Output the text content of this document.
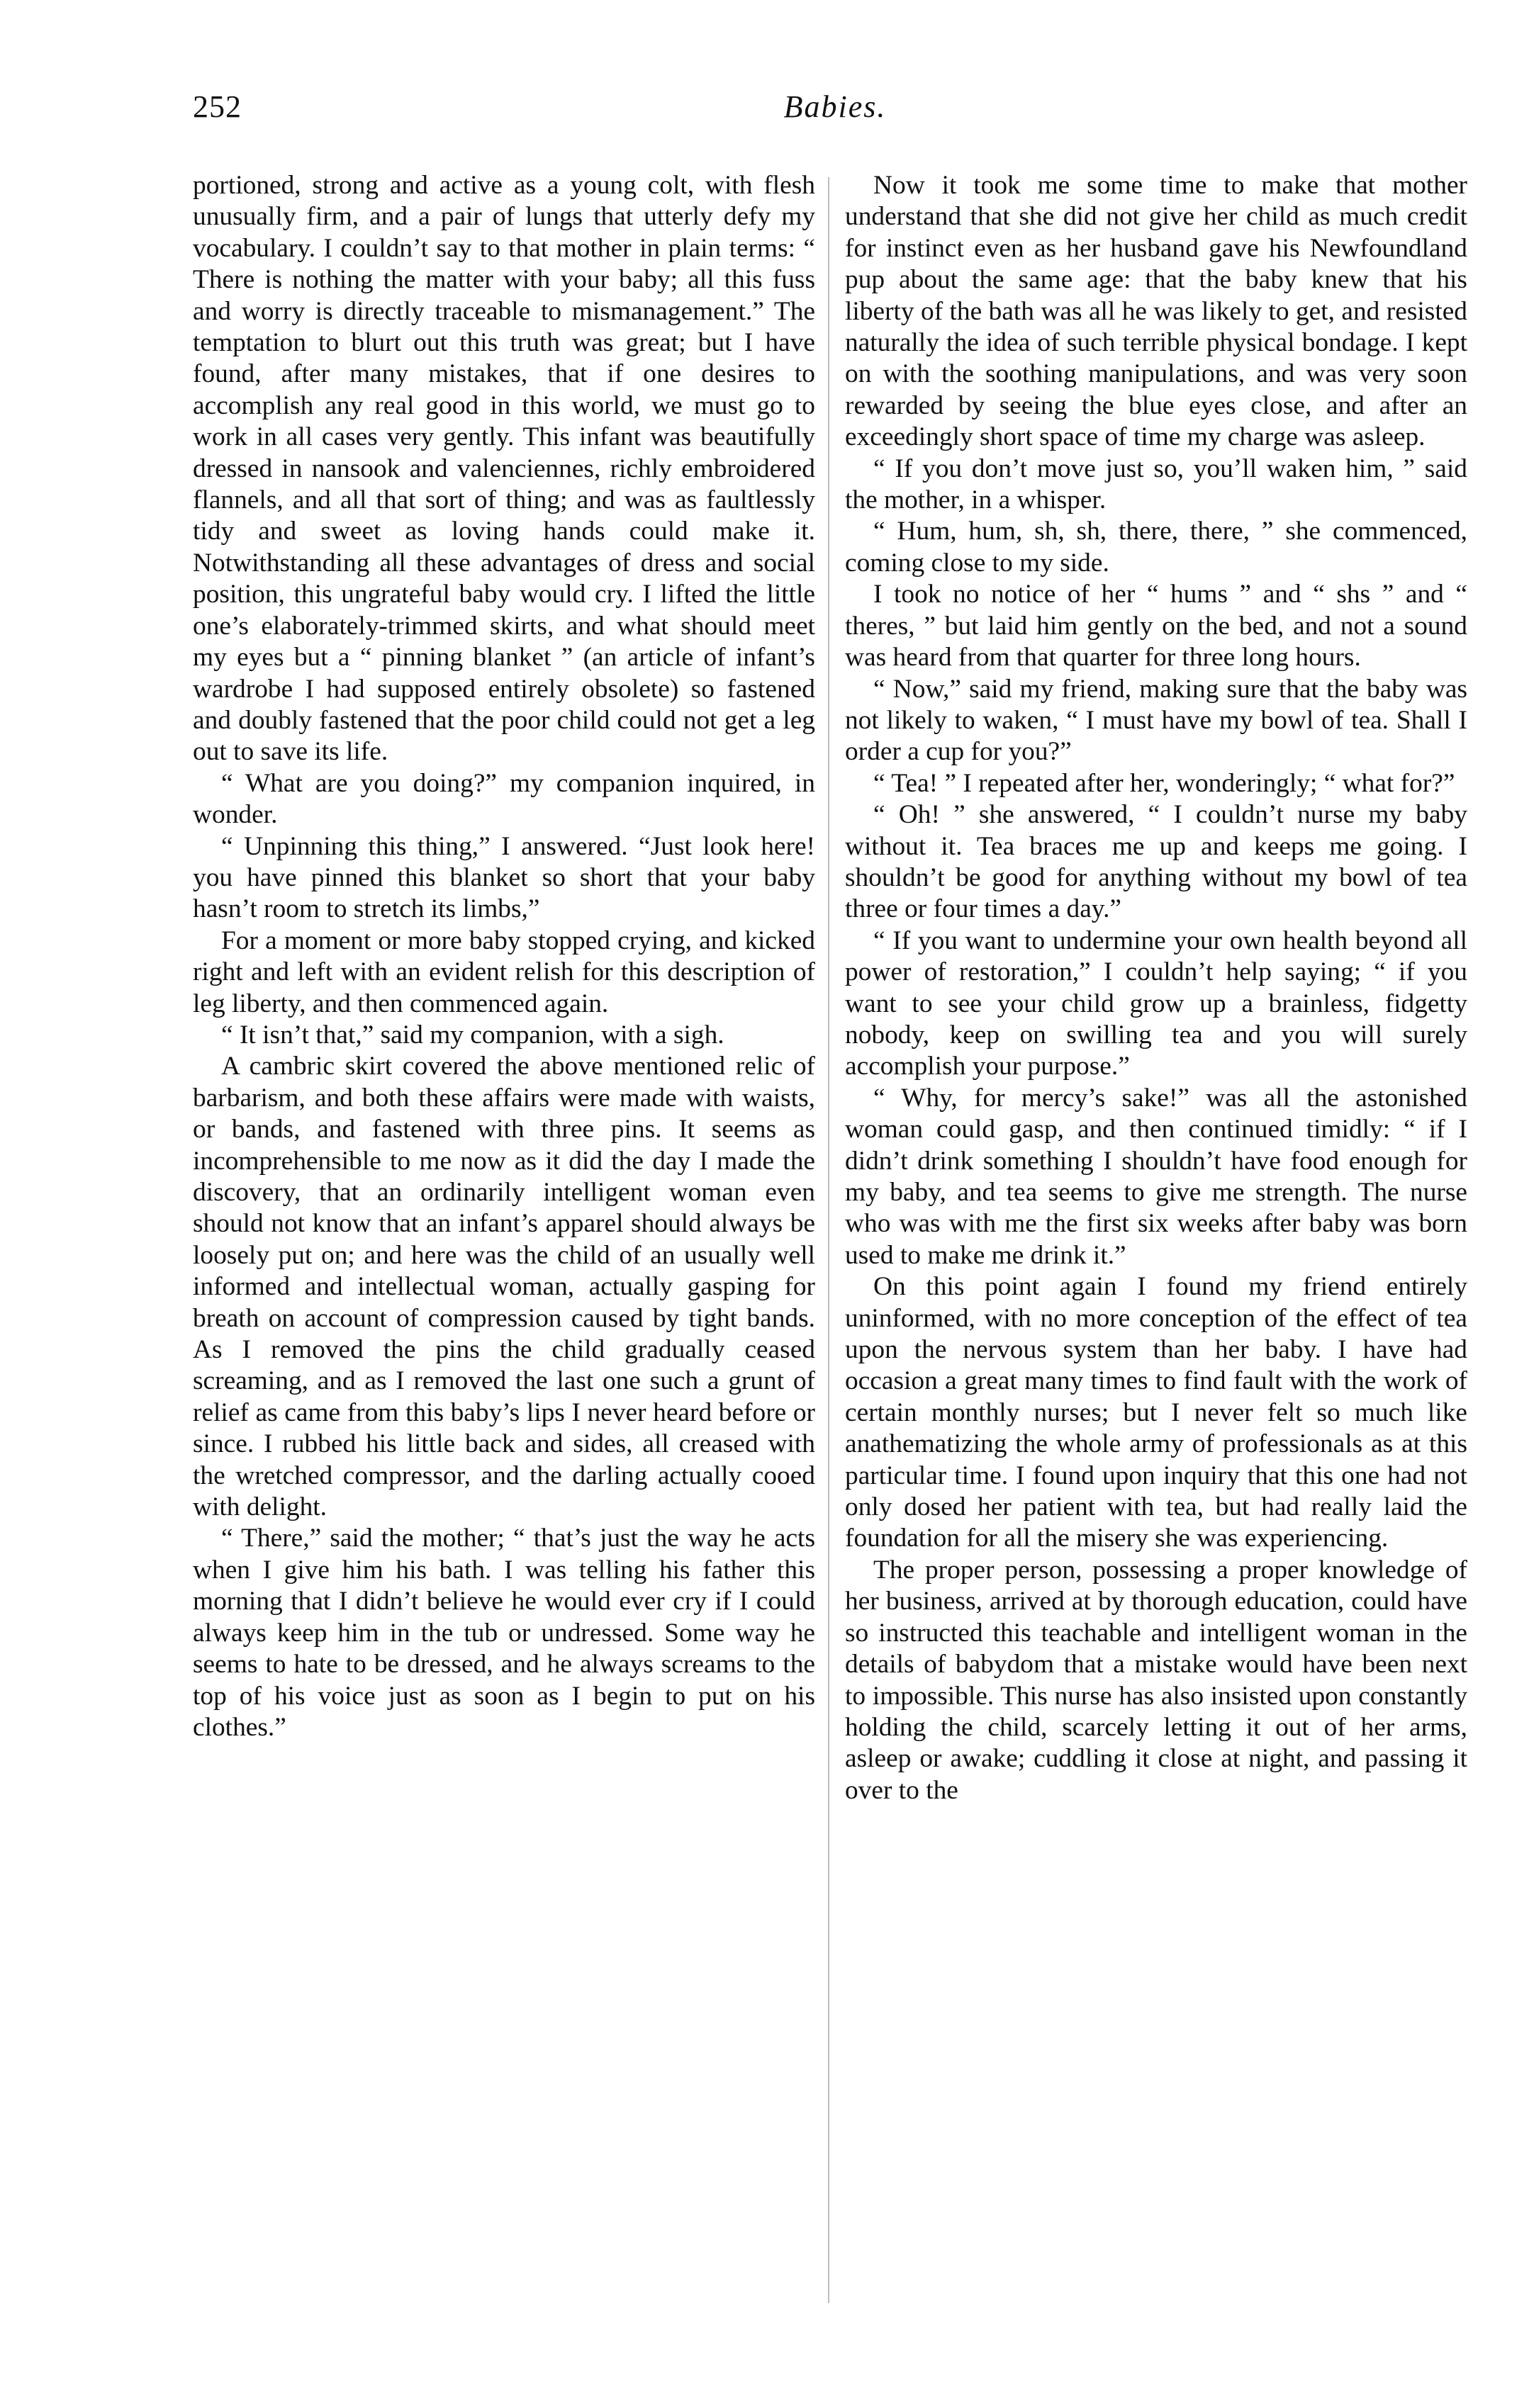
252	Babies.

portioned, strong and active as a young colt, with flesh unusually firm, and a pair of lungs that utterly defy my vocabulary. I couldn’t say to that mother in plain terms: “ There is nothing the matter with your baby; all this fuss and worry is directly traceable to mismanagement.” The temptation to blurt out this truth was great; but I have found, after many mistakes, that if one desires to accomplish any real good in this world, we must go to work in all cases very gently. This infant was beautifully dressed in nansook and valenciennes, richly embroidered flannels, and all that sort of thing; and was as faultlessly tidy and sweet as loving hands could make it. Notwithstanding all these advantages of dress and social position, this ungrateful baby would cry. I lifted the little one’s elaborately-trimmed skirts, and what should meet my eyes but a “ pinning blanket ” (an article of infant’s wardrobe I had supposed entirely obsolete) so fastened and doubly fastened that the poor child could not get a leg out to save its life.

“ What are you doing?” my companion inquired, in wonder.

“ Unpinning this thing,” I answered. “Just look here! you have pinned this blanket so short that your baby hasn’t room to stretch its limbs,”

For a moment or more baby stopped crying, and kicked right and left with an evident relish for this description of leg liberty, and then commenced again.

“ It isn’t that,” said my companion, with a sigh.

A cambric skirt covered the above mentioned relic of barbarism, and both these affairs were made with waists, or bands, and fastened with three pins. It seems as incomprehensible to me now as it did the day I made the discovery, that an ordinarily intelligent woman even should not know that an infant’s apparel should always be loosely put on; and here was the child of an usually well informed and intellectual woman, actually gasping for breath on account of compression caused by tight bands. As I removed the pins the child gradually ceased screaming, and as I removed the last one such a grunt of relief as came from this baby’s lips I never heard before or since. I rubbed his little back and sides, all creased with the wretched compressor, and the darling actually cooed with delight.

“ There,” said the mother; “ that’s just the way he acts when I give him his bath. I was telling his father this morning that I didn’t believe he would ever cry if I could always keep him in the tub or undressed. Some way he seems to hate to be dressed, and he always screams to the top of his voice just as soon as I begin to put on his clothes.”

Now it took me some time to make that mother understand that she did not give her child as much credit for instinct even as her husband gave his Newfoundland pup about the same age: that the baby knew that his liberty of the bath was all he was likely to get, and resisted naturally the idea of such terrible physical bondage. I kept on with the soothing manipulations, and was very soon rewarded by seeing the blue eyes close, and after an exceedingly short space of time my charge was asleep.

“ If you don’t move just so, you’ll waken him, ” said the mother, in a whisper.

“ Hum, hum, sh, sh, there, there, ” she commenced, coming close to my side.

I took no notice of her “ hums ” and “ shs ” and “ theres, ” but laid him gently on the bed, and not a sound was heard from that quarter for three long hours.

“ Now,” said my friend, making sure that the baby was not likely to waken, “ I must have my bowl of tea. Shall I order a cup for you?”

“ Tea! ” I repeated after her, wonderingly; “ what for?”

“ Oh! ” she answered, “ I couldn’t nurse my baby without it. Tea braces me up and keeps me going. I shouldn’t be good for anything without my bowl of tea three or four times a day.”

“ If you want to undermine your own health beyond all power of restoration,” I couldn’t help saying; “ if you want to see your child grow up a brainless, fidgetty nobody, keep on swilling tea and you will surely accomplish your purpose.”

“ Why, for mercy’s sake!” was all the astonished woman could gasp, and then continued timidly: “ if I didn’t drink something I shouldn’t have food enough for my baby, and tea seems to give me strength. The nurse who was with me the first six weeks after baby was born used to make me drink it.”

On this point again I found my friend entirely uninformed, with no more conception of the effect of tea upon the nervous system than her baby. I have had occasion a great many times to find fault with the work of certain monthly nurses; but I never felt so much like anathematizing the whole army of professionals as at this particular time. I found upon inquiry that this one had not only dosed her patient with tea, but had really laid the foundation for all the misery she was experiencing.

The proper person, possessing a proper knowledge of her business, arrived at by thorough education, could have so instructed this teachable and intelligent woman in the details of babydom that a mistake would have been next to impossible. This nurse has also insisted upon constantly holding the child, scarcely letting it out of her arms, asleep or awake; cuddling it close at night, and passing it over to the
